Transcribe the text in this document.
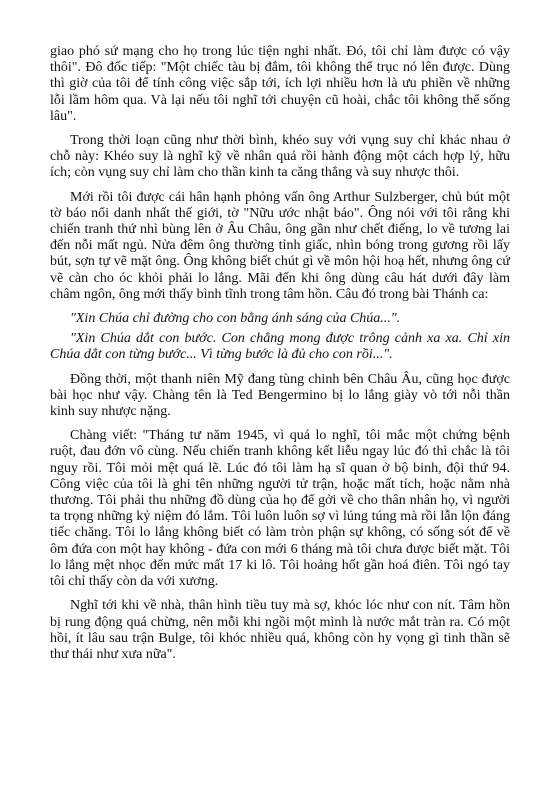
giao phó sứ mạng cho họ trong lúc tiện nghi nhất. Đó, tôi chỉ làm được có vậy thôi". Đô đốc tiếp: "Một chiếc tàu bị đắm, tôi không thể trục nó lên được. Dùng thì giờ của tôi để tính công việc sắp tới, ích lợi nhiều hơn là ưu phiền về những lỗi lầm hôm qua. Và lại nếu tôi nghĩ tới chuyện cũ hoài, chắc tôi không thể sống lâu".

Trong thời loạn cũng như thời bình, khéo suy với vụng suy chỉ khác nhau ở chỗ này: Khéo suy là nghĩ kỹ về nhân quả rồi hành động một cách hợp lý, hữu ích; còn vụng suy chỉ làm cho thần kinh ta căng thẳng và suy nhược thôi.

Mới rồi tôi được cái hân hạnh phỏng vấn ông Arthur Sulzberger, chủ bút một tờ báo nổi danh nhất thế giới, tờ "Nữu ước nhật báo". Ông nói với tôi rằng khi chiến tranh thứ nhì bùng lên ở Âu Châu, ông gần như chết điếng, lo về tương lai đến nỗi mất ngủ. Nửa đêm ông thường tỉnh giấc, nhìn bóng trong gương rồi lấy bút, sợn tự vẽ mặt ông. Ông không biết chút gì về môn hội hoạ hết, nhưng ông cứ vẽ càn cho óc khỏi phải lo lắng. Mãi đến khi ông dùng câu hát dưới đây làm châm ngôn, ông mới thấy bình tĩnh trong tâm hồn. Câu đó trong bài Thánh ca:

"Xin Chúa chỉ đường cho con bằng ánh sáng của Chúa...".

"Xin Chúa dắt con bước. Con chẳng mong được trông cảnh xa xa. Chỉ xin Chúa dắt con từng bước... Vì từng bước là đủ cho con rồi...".

Đồng thời, một thanh niên Mỹ đang tùng chinh bên Châu Âu, cũng học được bài học như vậy. Chàng tên là Ted Bengermino bị lo lắng giày vò tới nỗi thần kinh suy nhược nặng.

Chàng viết: "Tháng tư năm 1945, vì quá lo nghĩ, tôi mắc một chứng bệnh ruột, đau đớn vô cùng. Nếu chiến tranh không kết liễu ngay lúc đó thì chắc là tôi nguy rồi. Tôi mỏi mệt quá lẽ. Lúc đó tôi làm hạ sĩ quan ở bộ binh, đội thứ 94. Công việc của tôi là ghi tên những người tử trận, hoặc mất tích, hoặc nằm nhà thương. Tôi phải thu những đồ dùng của họ để gởi về cho thân nhân họ, vì người ta trọng những kỷ niệm đó lắm. Tôi luôn luôn sợ vì lúng túng mà rồi lẫn lộn đáng tiếc chăng. Tôi lo lắng không biết có làm tròn phận sự không, có sống sót để về ôm đứa con một hay không - đứa con mới 6 tháng mà tôi chưa được biết mặt. Tôi lo lắng mệt nhọc đến mức mất 17 ki lô. Tôi hoảng hốt gần hoá điên. Tôi ngó tay tôi chỉ thấy còn da với xương.

Nghĩ tới khi về nhà, thân hình tiều tuy mà sợ, khóc lóc như con nít. Tâm hồn bị rung động quá chừng, nên mỗi khi ngồi một mình là nước mắt tràn ra. Có một hồi, ít lâu sau trận Bulge, tôi khóc nhiều quá, không còn hy vọng gì tinh thần sẽ thư thái như xưa nữa".
